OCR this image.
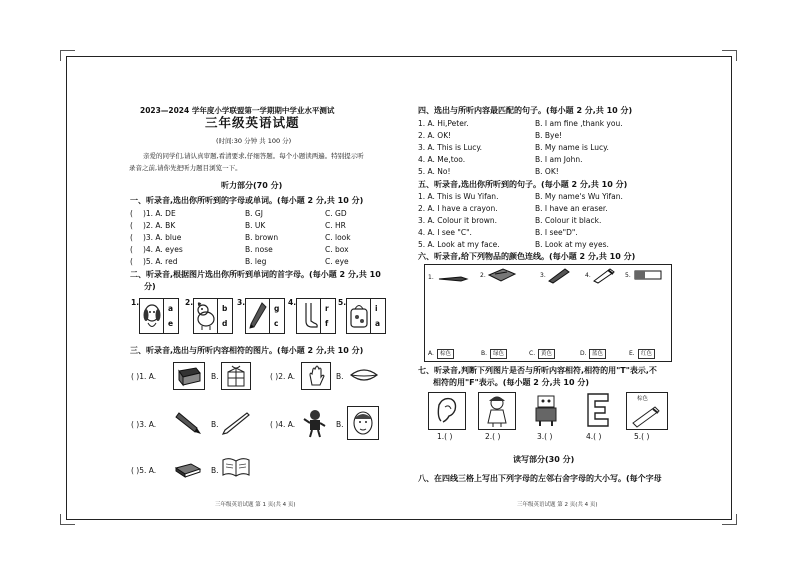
2023—2024 学年度小学联盟第一学期期中学业水平测试
三年级英语试题
(时间:30 分钟 共 100 分)
亲爱的同学们,请认真审题,看清要求,仔细答题。每个小题读两遍。特别提示听
录音之前,请你先把听力题目浏览一下。
听力部分(70 分)
一、听录音,选出你所听到的字母或单词。(每小题 2 分,共 10 分)
( )1. A. DE	B. GJ	C. GD
( )2. A. BK	B. UK	C. HR
( )3. A. blue	B. brown	C. look
( )4. A. eyes	B. nose	C. box
( )5. A. red	B. leg	C. eye
二、听录音,根据图片选出你所听到单词的首字母。(每小题 2 分,共 10
分)
1.
a
e
2.
b
d
3.
g
c
4.
r
f
5.
i
a
三、听录音,选出与所听内容相符的图片。(每小题 2 分,共 10 分)
( )1. A.	B.	( )2. A.	B.
( )3. A.	B.	( )4. A.	B.
( )5. A.	B.
三年级英语试题 第 1 页(共 4 页)
四、选出与所听内容最匹配的句子。(每小题 2 分,共 10 分)
1. A. Hi,Peter.	B. I am fine ,thank you.
2. A. OK!	B. Bye!
3. A. This is Lucy.	B. My name is Lucy.
4. A. Me,too.	B. I am John.
5. A. No!	B. OK!
五、听录音,选出你所听到的句子。(每小题 2 分,共 10 分)
1. A. This is Wu Yifan.	B. My name's Wu Yifan.
2. A. I have a crayon.	B. I have an eraser.
3. A. Colour it brown.	B. Colour it black.
4. A. I see "C".	B. I see"D".
5. A. Look at my face.	B. Look at my eyes.
六、听录音,给下列物品的颜色连线。(每小题 2 分,共 10 分)
1.	2.	3.	4.	5.
A.	棕色	B.	绿色	C.	黄色	D. 蓝色	E.	红色
七、听录音,判断下列图片是否与所听内容相符,相符的用"T"表示,不
相符的用"F"表示。(每小题 2 分,共 10 分)
棕色
1.( )	2.( )	3.( )	4.( )	5.( )
读写部分(30 分)
八、在四线三格上写出下列字母的左邻右舍字母的大小写。(每个字母
三年级英语试题 第 2 页(共 4 页)
